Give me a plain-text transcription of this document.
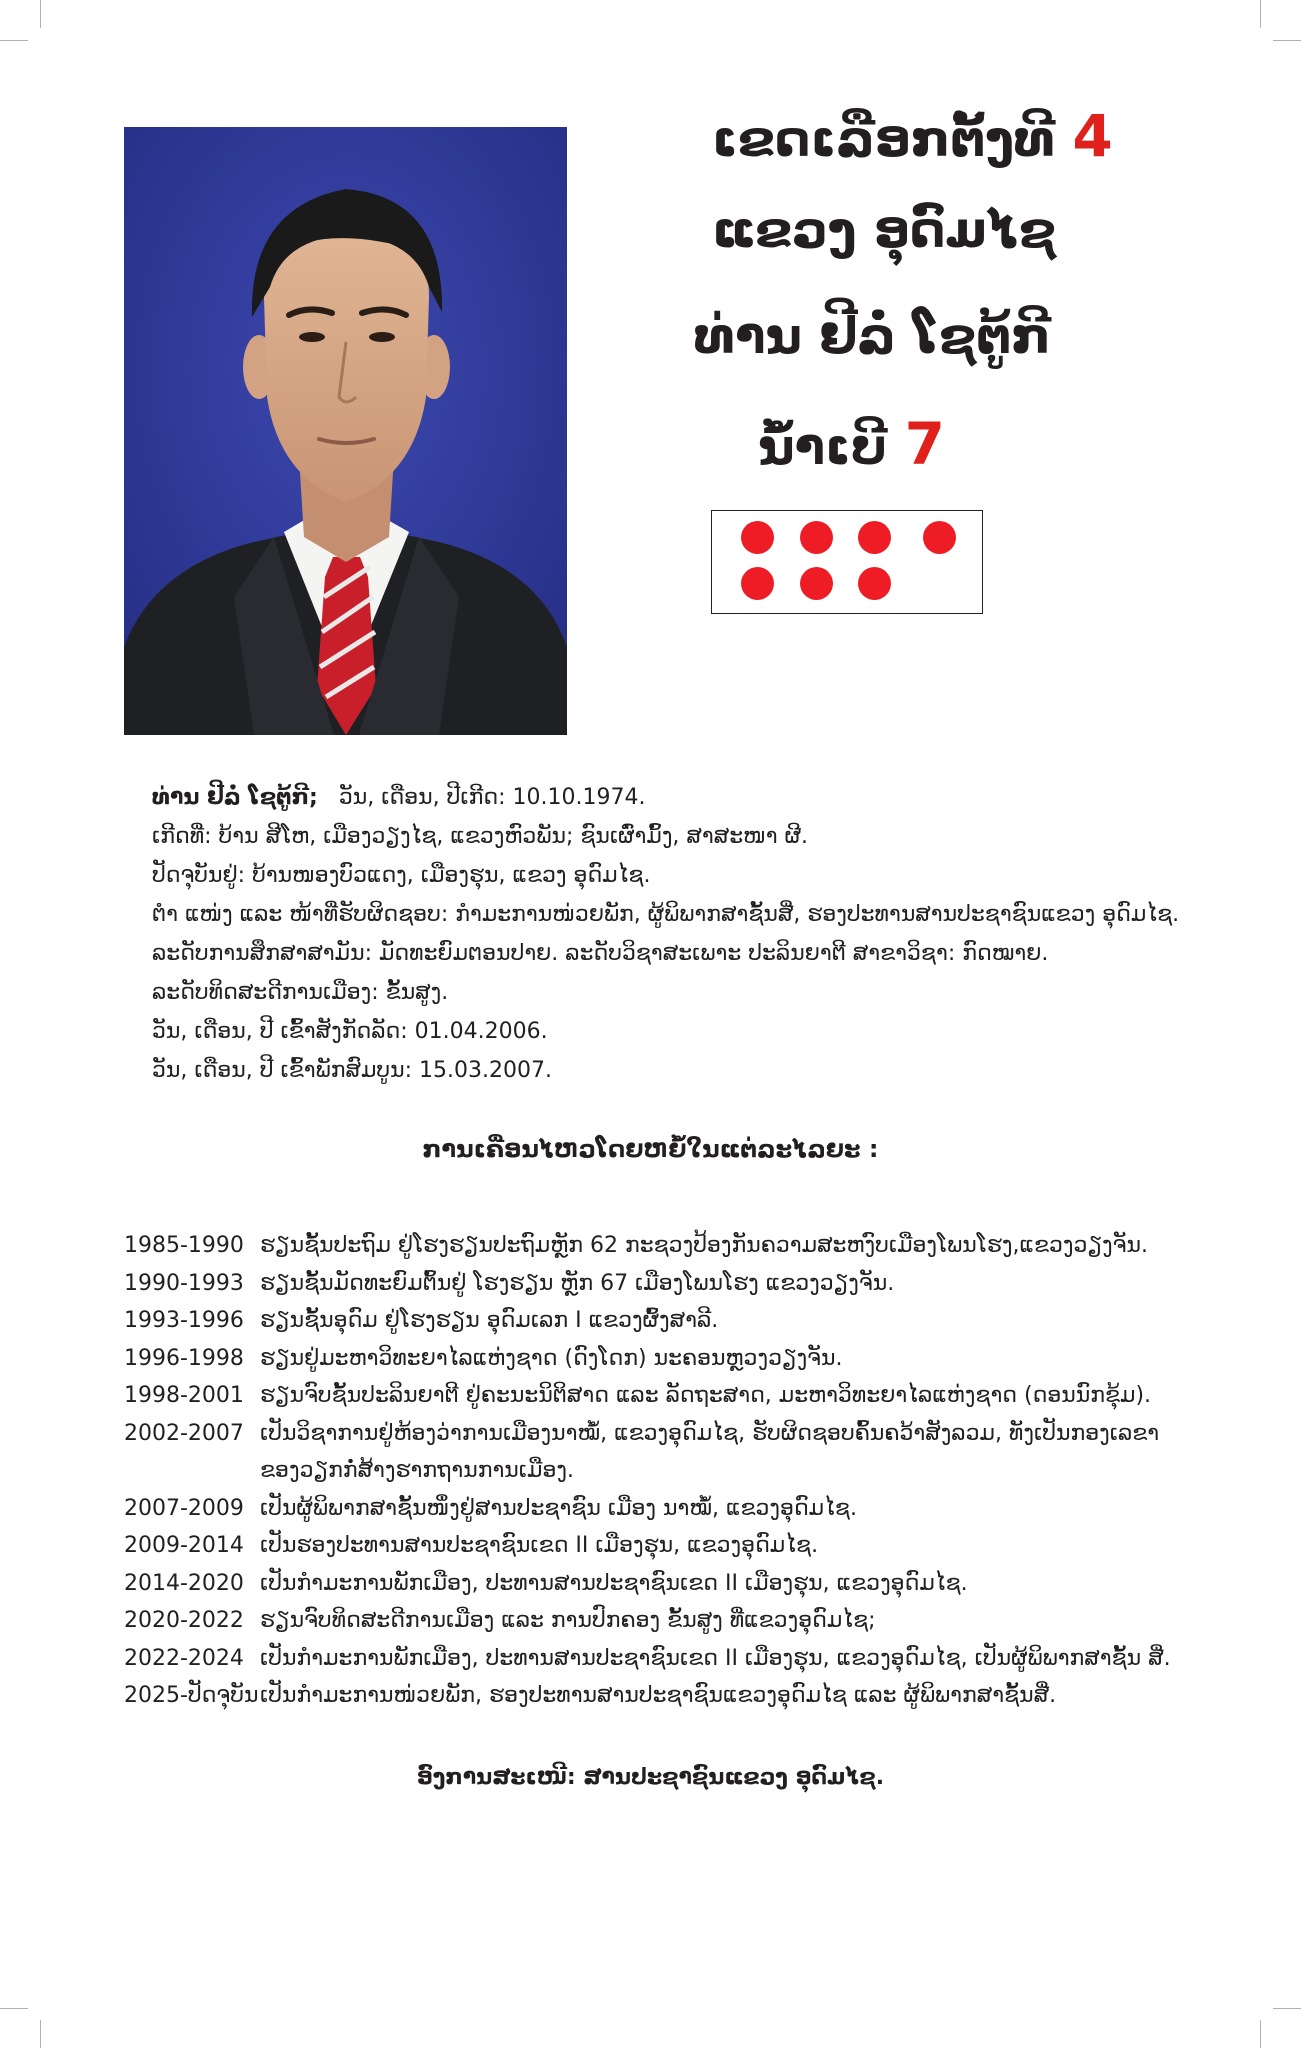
ເຂດເລືອກຕັ້ງທີ 4
ແຂວງ ອຸດົມໄຊ
ທ່ານ ຢີລໍ່ ໂຊຕູ້ກີ
ນໍ້າເບີ 7
ທ່ານ ຢີລໍ່ ໂຊຕູ້ກີ; ວັນ, ເດືອນ, ປີເກີດ: 10.10.1974.
ເກີດທີ່: ບ້ານ ສີໂຫ, ເມືອງວຽງໄຊ, ແຂວງຫົວພັນ; ຊົນເຜົ່າມົ້ງ, ສາສະໜາ ຜີ.
ປັດຈຸບັນຢູ່: ບ້ານໜອງບົວແດງ, ເມືອງຮຸນ, ແຂວງ ອຸດົມໄຊ.
ຕໍາ ແໜ່ງ ແລະ ໜ້າທີ່ຮັບຜິດຊອບ: ກໍາມະການໜ່ວຍພັກ, ຜູ້ພິພາກສາຊັ້ນສີ່, ຮອງປະທານສານປະຊາຊົນແຂວງ ອຸດົມໄຊ.
ລະດັບການສຶກສາສາມັນ: ມັດທະຍົມຕອນປາຍ. ລະດັບວິຊາສະເພາະ ປະລິນຍາຕີ ສາຂາວິຊາ: ກົດໝາຍ.
ລະດັບທິດສະດີການເມືອງ: ຂັ້ນສູງ.
ວັນ, ເດືອນ, ປີ ເຂົ້າສັງກັດລັດ: 01.04.2006.
ວັນ, ເດືອນ, ປີ ເຂົ້າພັກສົມບູນ: 15.03.2007.
ການເຄື່ອນໄຫວໂດຍຫຍໍ້ໃນແຕ່ລະໄລຍະ :
1985-1990 ຮຽນຊັ້ນປະຖົມ ຢູ່ໂຮງຮຽນປະຖົມຫຼັກ 62 ກະຊວງປ້ອງກັນຄວາມສະຫງົບເມືອງໂພນໂຮງ,ແຂວງວຽງຈັນ.
1990-1993 ຮຽນຊັ້ນມັດທະຍົມຕົ້ນຢູ່ ໂຮງຮຽນ ຫຼັກ 67 ເມືອງໂພນໂຮງ ແຂວງວຽງຈັນ.
1993-1996 ຮຽນຊັ້ນອຸດົມ ຢູ່ໂຮງຮຽນ ອຸດົມເລກ I ແຂວງຜົ້ງສາລີ.
1996-1998 ຮຽນຢູ່ມະຫາວິທະຍາໄລແຫ່ງຊາດ (ດົງໂດກ) ນະຄອນຫຼວງວຽງຈັນ.
1998-2001 ຮຽນຈົບຊັ້ນປະລິນຍາຕີ ຢູ່ຄະນະນິຕິສາດ ແລະ ລັດຖະສາດ, ມະຫາວິທະຍາໄລແຫ່ງຊາດ (ດອນນົກຂຸ້ມ).
2002-2007 ເປັນວິຊາການຢູ່ຫ້ອງວ່າການເມືອງນາໝໍ້, ແຂວງອຸດົມໄຊ, ຮັບຜິດຊອບຄົ້ນຄວ້າສັງລວມ, ທັງເປັນກອງເລຂາ
ຂອງວຽກກໍ່ສ້າງຮາກຖານການເມືອງ.
2007-2009 ເປັນຜູ້ພິພາກສາຊັ້ນໜຶ່ງຢູ່ສານປະຊາຊົນ ເມືອງ ນາໝໍ້, ແຂວງອຸດົມໄຊ.
2009-2014 ເປັນຮອງປະທານສານປະຊາຊົນເຂດ II ເມືອງຮຸນ, ແຂວງອຸດົມໄຊ.
2014-2020 ເປັນກໍາມະການພັກເມືອງ, ປະທານສານປະຊາຊົນເຂດ II ເມືອງຮຸນ, ແຂວງອຸດົມໄຊ.
2020-2022 ຮຽນຈົບທິດສະດີການເມືອງ ແລະ ການປົກຄອງ ຂັ້ນສູງ ທີ່ແຂວງອຸດົມໄຊ;
2022-2024 ເປັນກໍາມະການພັກເມືອງ, ປະທານສານປະຊາຊົນເຂດ II ເມືອງຮຸນ, ແຂວງອຸດົມໄຊ, ເປັນຜູ້ພິພາກສາຊັ້ນ ສີ່.
2025-ປັດຈຸບັນ ເປັນກໍາມະການໜ່ວຍພັກ, ຮອງປະທານສານປະຊາຊົນແຂວງອຸດົມໄຊ ແລະ ຜູ້ພິພາກສາຊັ້ນສີ່.
ອົງການສະເໜີ: ສານປະຊາຊົນແຂວງ ອຸດົມໄຊ.
